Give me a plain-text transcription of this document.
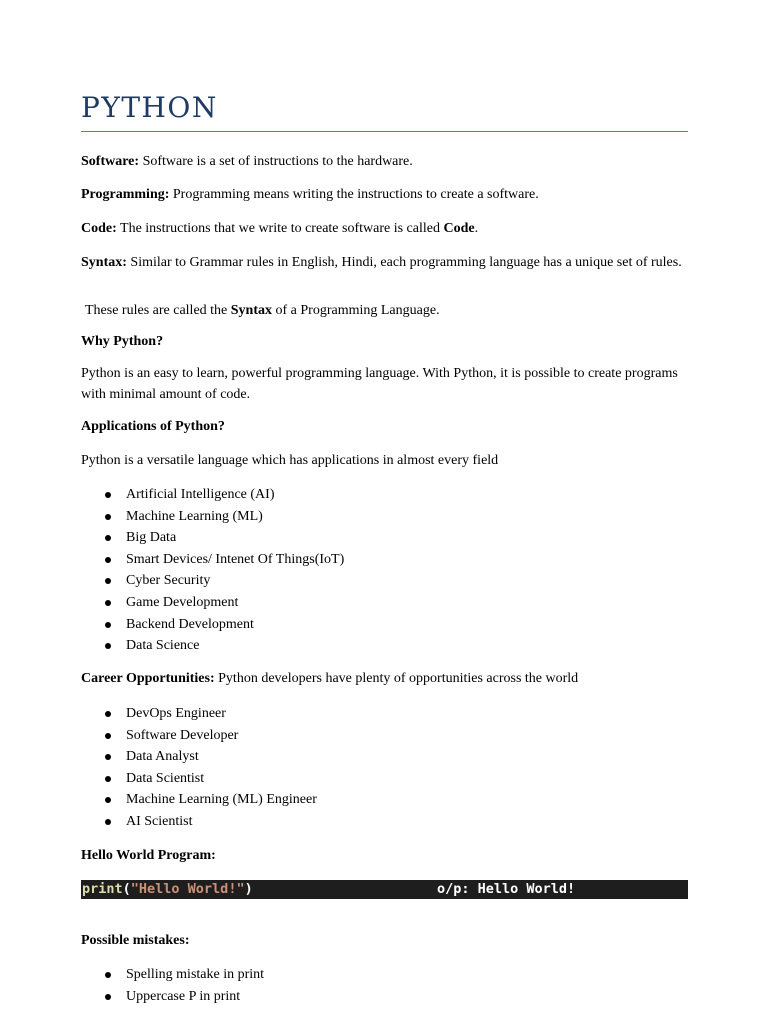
PYTHON

Software: Software is a set of instructions to the hardware.

Programming: Programming means writing the instructions to create a software.

Code: The instructions that we write to create software is called Code.

Syntax: Similar to Grammar rules in English, Hindi, each programming language has a unique set of rules.

These rules are called the Syntax of a Programming Language.

Why Python?

Python is an easy to learn, powerful programming language. With Python, it is possible to create programs with minimal amount of code.

Applications of Python?

Python is a versatile language which has applications in almost every field

Artificial Intelligence (AI)
Machine Learning (ML)
Big Data
Smart Devices/ Intenet Of Things(IoT)
Cyber Security
Game Development
Backend Development
Data Science

Career Opportunities: Python developers have plenty of opportunities across the world

DevOps Engineer
Software Developer
Data Analyst
Data Scientist
Machine Learning (ML) Engineer
AI Scientist

Hello World Program:

print("Hello World!")	o/p: Hello World!

Possible mistakes:

Spelling mistake in print
Uppercase P in print
